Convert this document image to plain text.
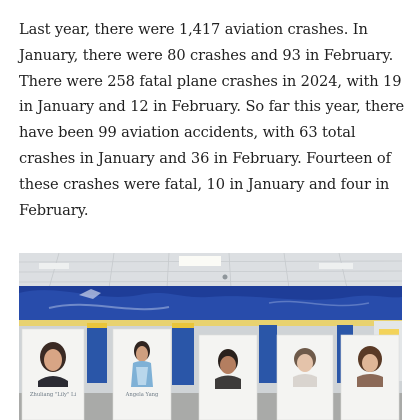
Last year, there were 1,417 aviation crashes. In January, there were 80 crashes and 93 in February. There were 258 fatal plane crashes in 2024, with 19 in January and 12 in February. So far this year, there have been 99 aviation accidents, with 63 total crashes in January and 36 in February. Fourteen of these crashes were fatal, 10 in January and four in February.

Zhuliang "Lily" Li	Angela Yang
